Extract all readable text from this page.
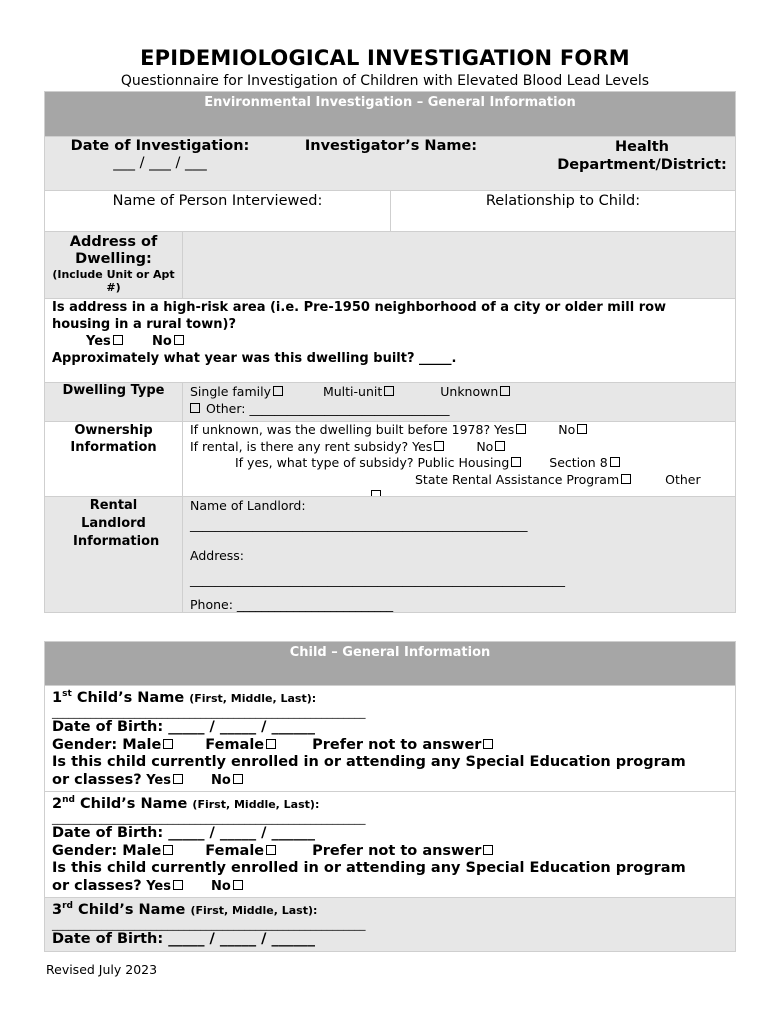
EPIDEMIOLOGICAL INVESTIGATION FORM
Questionnaire for Investigation of Children with Elevated Blood Lead Levels
Environmental Investigation – General Information
Date of Investigation:
___ / ___ / ___
Investigator’s Name:	Health Department/District:
Name of Person Interviewed:	Relationship to Child:
Address of Dwelling:
(Include Unit or Apt #)
Is address in a high-risk area (i.e. Pre-1950 neighborhood of a city or older mill row housing in a rural town)?
Yes	No
Approximately what year was this dwelling built? _____.
Dwelling Type	Single family	Multi-unit	Unknown
Other: ________________________________
Ownership Information
If unknown, was the dwelling built before 1978? Yes	No
If rental, is there any rent subsidy? Yes	No
If yes, what type of subsidy? Public Housing	Section 8
State Rental Assistance Program	Other
Rental Landlord Information
Name of Landlord:
______________________________________________________
Address:
____________________________________________________________
Phone: _________________________
Child – General Information
1st Child’s Name (First, Middle, Last):
_________________________________________________________
Date of Birth: _____ / _____ / ______
Gender: Male	Female	Prefer not to answer
Is this child currently enrolled in or attending any Special Education program
or classes? Yes	No
2nd Child’s Name (First, Middle, Last):
_________________________________________________________
Date of Birth: _____ / _____ / ______
Gender: Male	Female	Prefer not to answer
Is this child currently enrolled in or attending any Special Education program
or classes? Yes	No
3rd Child’s Name (First, Middle, Last):
_________________________________________________________
Date of Birth: _____ / _____ / ______
Revised July 2023
